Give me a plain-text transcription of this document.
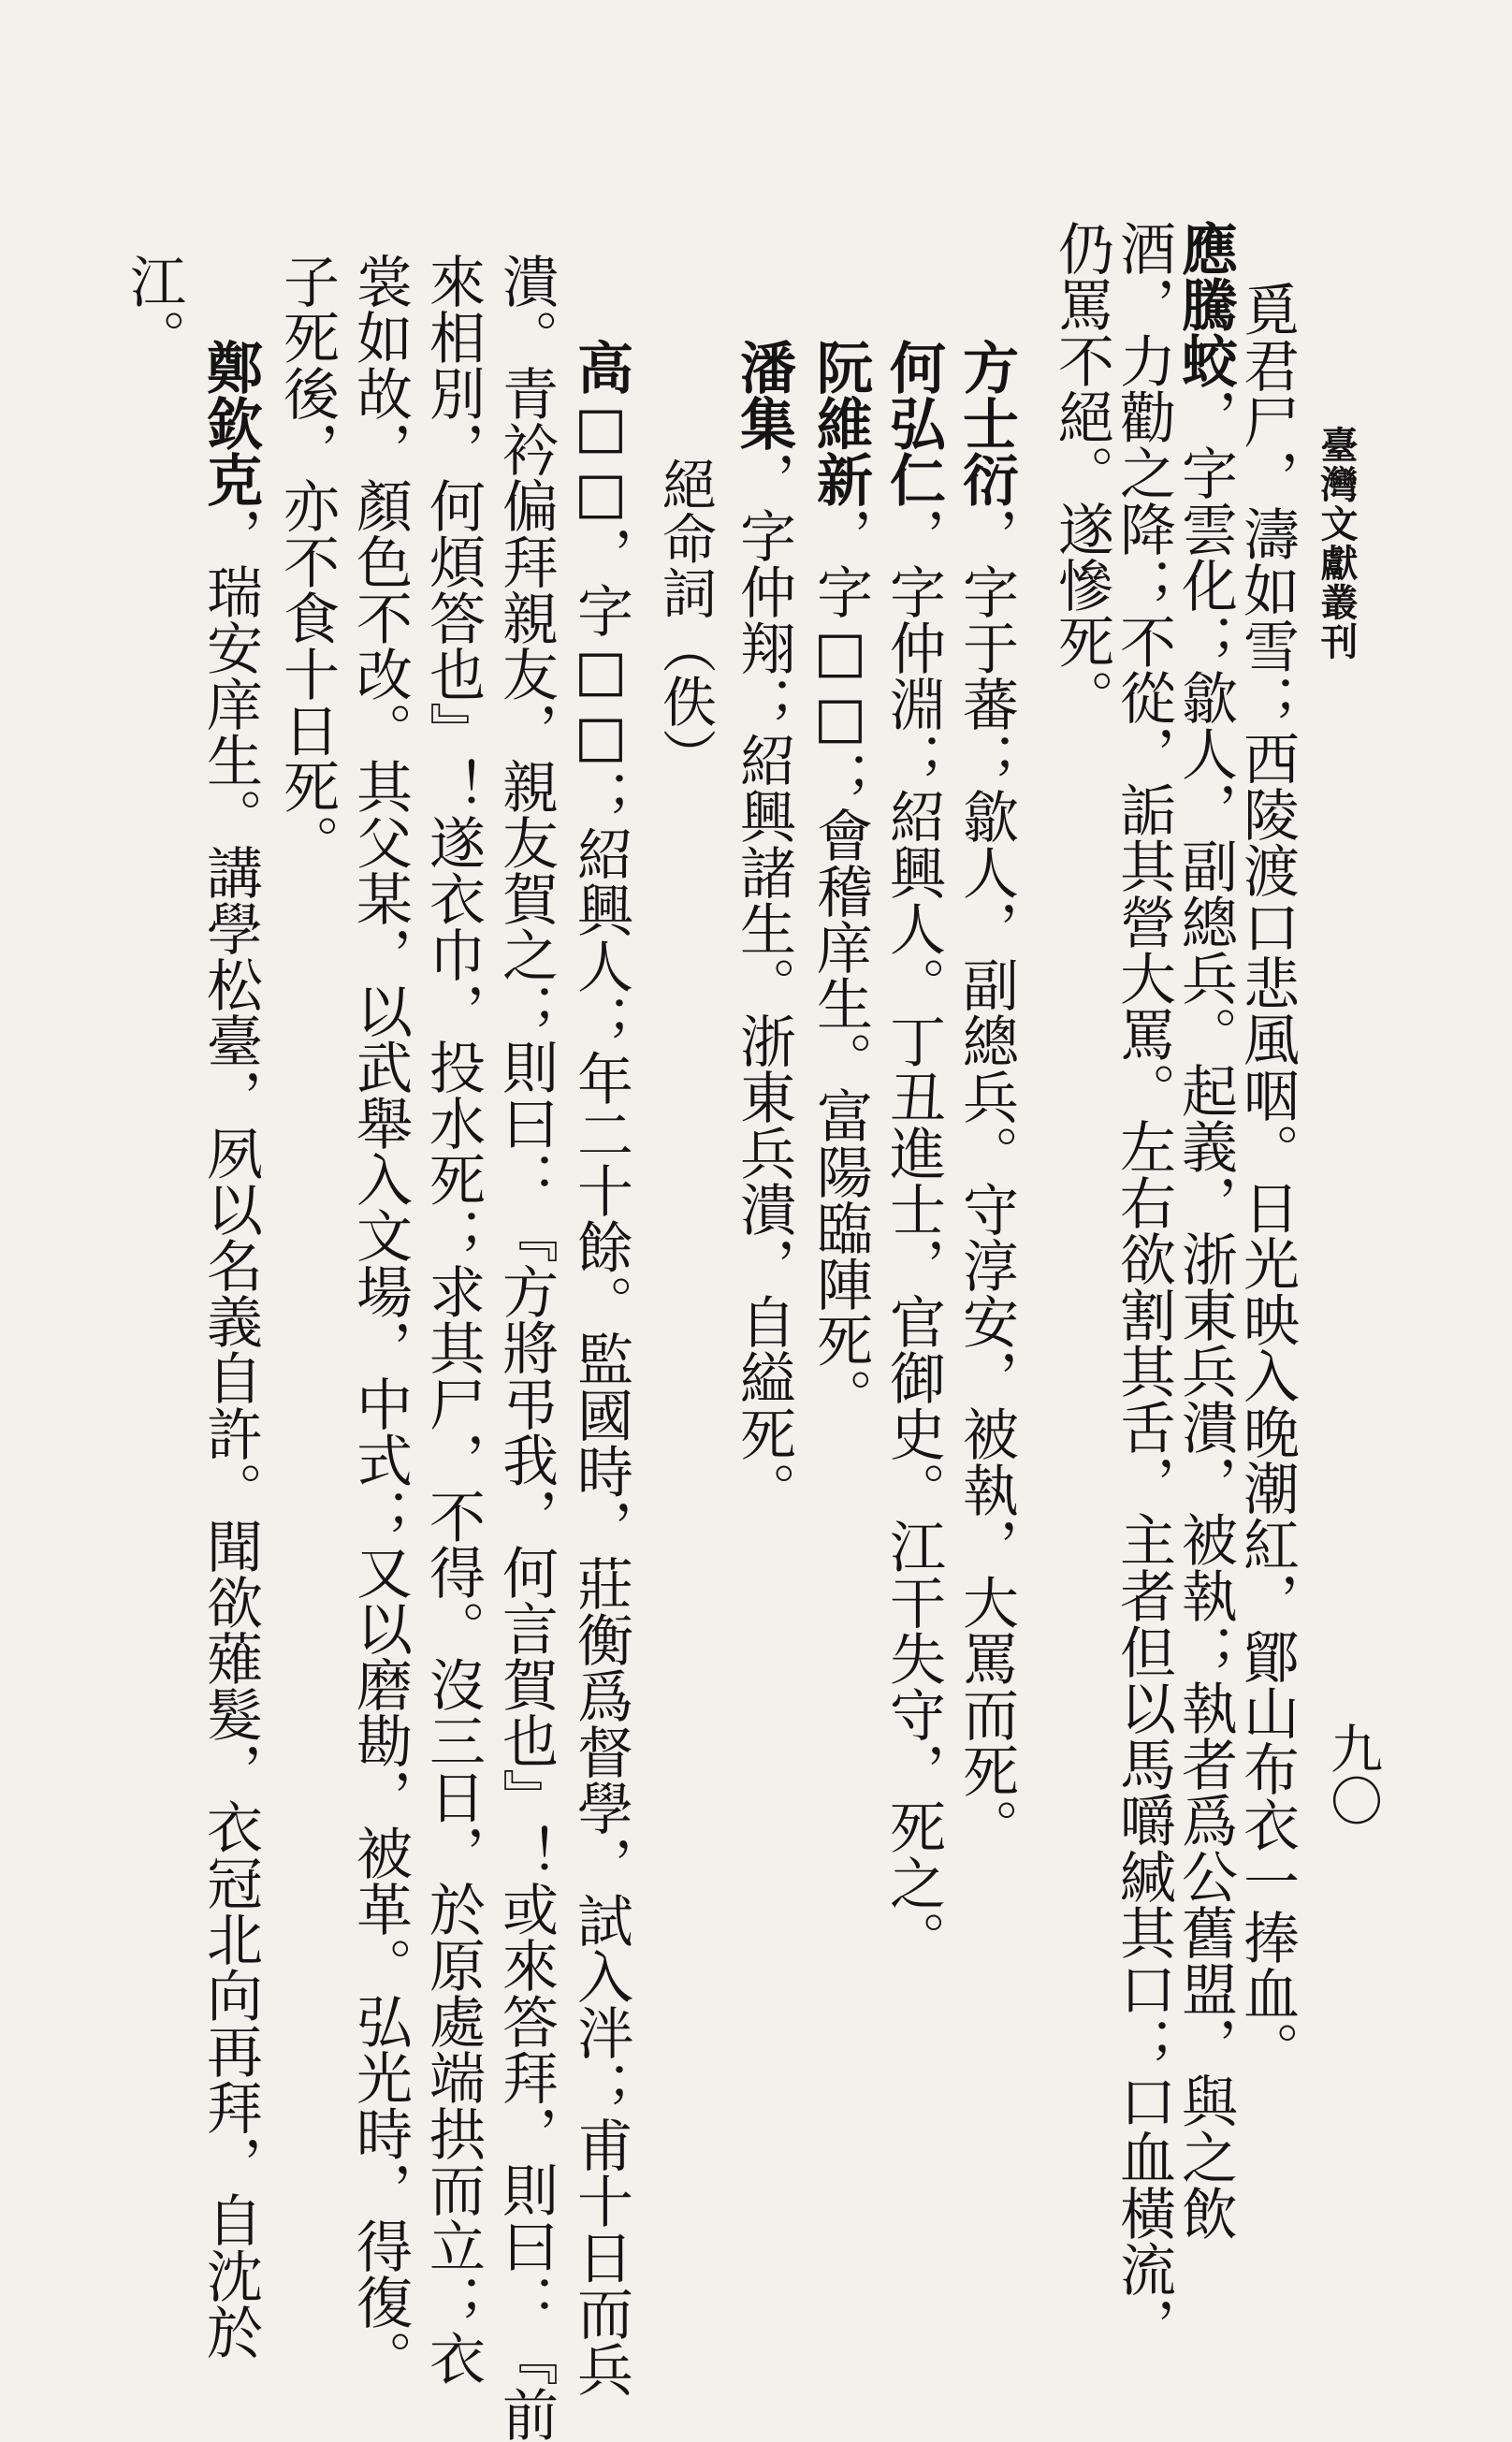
臺灣文獻叢刊
九〇
覓君尸，濤如雪；西陵渡口悲風咽。日光映入晚潮紅，鄮山布衣一捧血。
應騰蛟，字雲化；歙人，副總兵。起義，浙東兵潰，被執；執者爲公舊盟，與之飲
酒，力勸之降；不從，詬其營大罵。左右欲割其舌，主者但以馬嚼緘其口；口血橫流，
仍罵不絕。遂慘死。
方士衍，字于蕃；歙人，副總兵。守淳安，被執，大罵而死。
何弘仁，字仲淵；紹興人。丁丑進士，官御史。江干失守，死之。
阮維新，字□□；會稽庠生。富陽臨陣死。
潘集，字仲翔；紹興諸生。浙東兵潰，自縊死。
絕命詞（佚）
高□□，字□□；紹興人；年二十餘。監國時，莊衡爲督學，試入泮；甫十日而兵
潰。青衿偏拜親友，親友賀之；則曰：『方將弔我，何言賀也』！或來答拜，則曰：『前
來相別，何煩答也』！遂衣巾，投水死；求其尸，不得。沒三日，於原處端拱而立；衣
裳如故，顏色不改。其父某，以武舉入文場，中式；又以磨勘，被革。弘光時，得復。
子死後，亦不食十日死。
鄭欽克，瑞安庠生。講學松臺，夙以名義自許。聞欲薙髮，衣冠北向再拜，自沈於
江。
